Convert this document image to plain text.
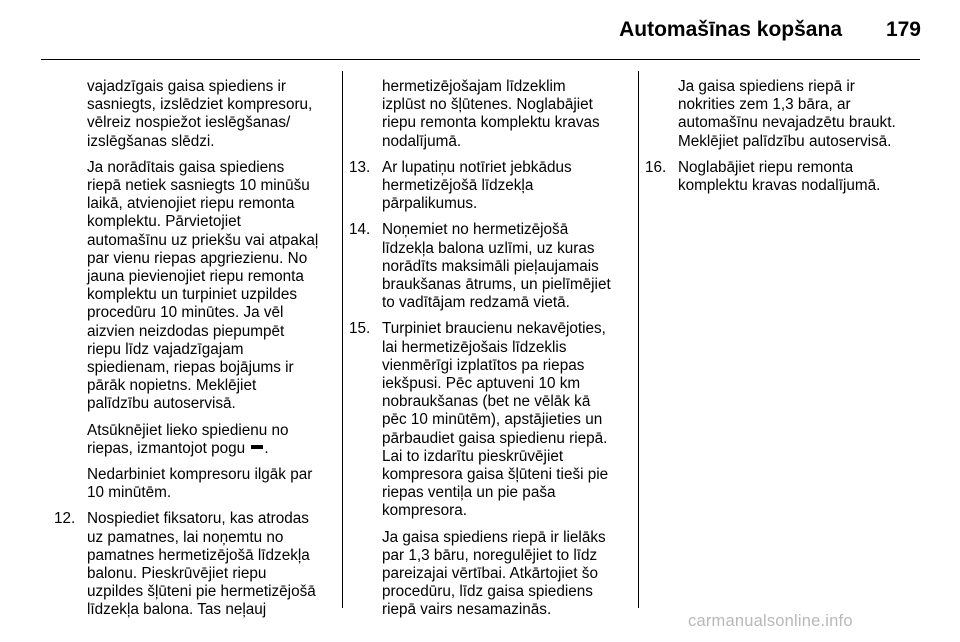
Automašīnas kopšana 179
vajadzīgais gaisa spiediens ir
sasniegts, izslēdziet kompresoru,
vēlreiz nospiežot ieslēgšanas/
izslēgšanas slēdzi.
Ja norādītais gaisa spiediens
riepā netiek sasniegts 10 minūšu
laikā, atvienojiet riepu remonta
komplektu. Pārvietojiet
automašīnu uz priekšu vai atpakaļ
par vienu riepas apgriezienu. No
jauna pievienojiet riepu remonta
komplektu un turpiniet uzpildes
procedūru 10 minūtes. Ja vēl
aizvien neizdodas piepumpēt
riepu līdz vajadzīgajam
spiedienam, riepas bojājums ir
pārāk nopietns. Meklējiet
palīdzību autoservisā.
Atsūknējiet lieko spiedienu no
riepas, izmantojot pogu .
Nedarbiniet kompresoru ilgāk par
10 minūtēm.
12. Nospiediet fiksatoru, kas atrodas
uz pamatnes, lai noņemtu no
pamatnes hermetizējošā līdzekļa
balonu. Pieskrūvējiet riepu
uzpildes šļūteni pie hermetizējošā
līdzekļa balona. Tas neļauj
hermetizējošajam līdzeklim
izplūst no šļūtenes. Noglabājiet
riepu remonta komplektu kravas
nodalījumā.
13. Ar lupatiņu notīriet jebkādus
hermetizējošā līdzekļa
pārpalikumus.
14. Noņemiet no hermetizējošā
līdzekļa balona uzlīmi, uz kuras
norādīts maksimāli pieļaujamais
braukšanas ātrums, un pielīmējiet
to vadītājam redzamā vietā.
15. Turpiniet braucienu nekavējoties,
lai hermetizējošais līdzeklis
vienmērīgi izplatītos pa riepas
iekšpusi. Pēc aptuveni 10 km
nobraukšanas (bet ne vēlāk kā
pēc 10 minūtēm), apstājieties un
pārbaudiet gaisa spiedienu riepā.
Lai to izdarītu pieskrūvējiet
kompresora gaisa šļūteni tieši pie
riepas ventiļa un pie paša
kompresora.
Ja gaisa spiediens riepā ir lielāks
par 1,3 bāru, noregulējiet to līdz
pareizajai vērtībai. Atkārtojiet šo
procedūru, līdz gaisa spiediens
riepā vairs nesamazinās.
Ja gaisa spiediens riepā ir
nokrities zem 1,3 bāra, ar
automašīnu nevajadzētu braukt.
Meklējiet palīdzību autoservisā.
16. Noglabājiet riepu remonta
komplektu kravas nodalījumā.
carmanualsonline.info
